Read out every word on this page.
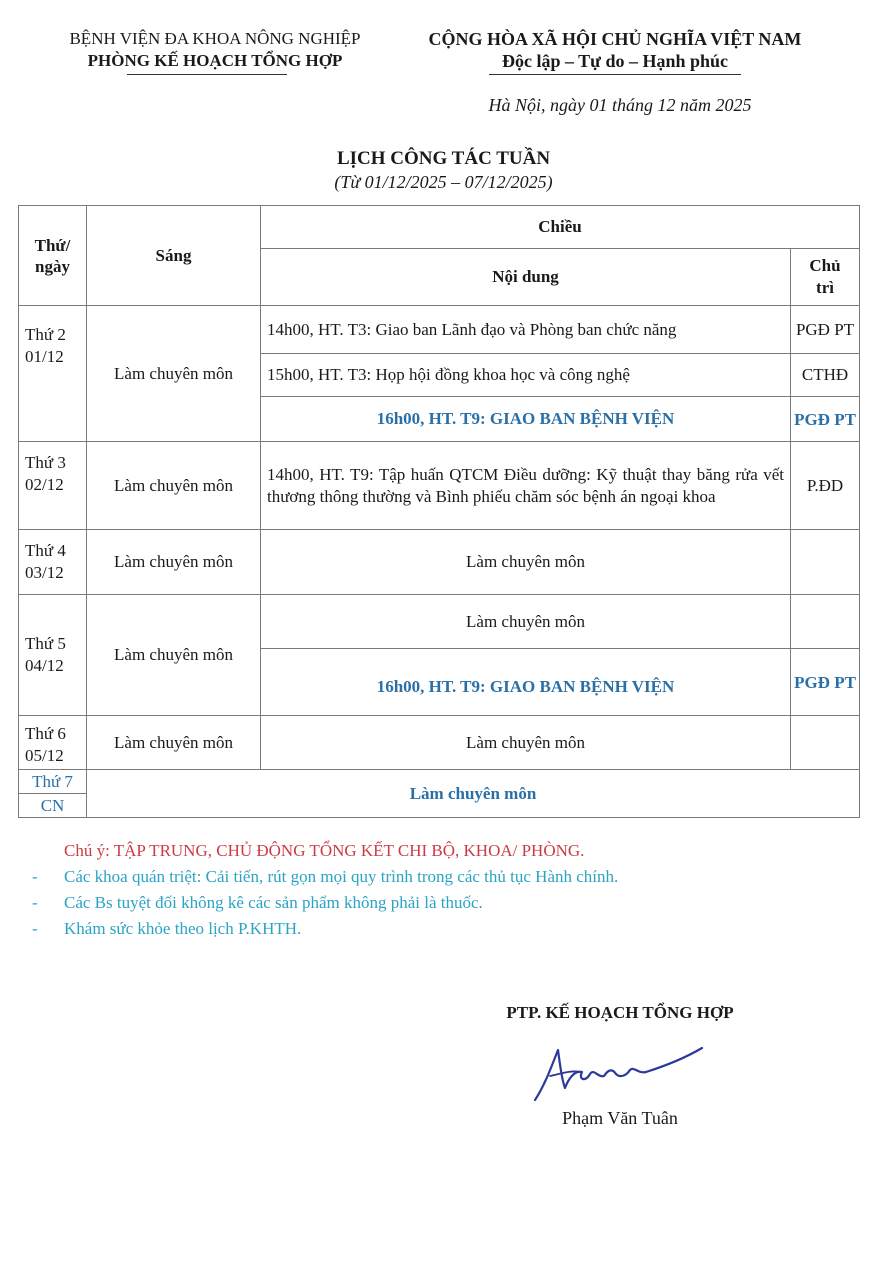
BỆNH VIỆN ĐA KHOA NÔNG NGHIỆP
PHÒNG KẾ HOẠCH TỔNG HỢP
CỘNG HÒA XÃ HỘI CHỦ NGHĨA VIỆT NAM
Độc lập – Tự do – Hạnh phúc
Hà Nội, ngày 01 tháng 12 năm 2025
LỊCH CÔNG TÁC TUẦN
(Từ 01/12/2025 – 07/12/2025)
Thứ/ ngày	Sáng	Chiều	
		Nội dung	Chủ trì

Thứ 2
01/12	Làm chuyên môn	14h00, HT. T3: Giao ban Lãnh đạo và Phòng ban chức năng	PGĐ PT
		15h00, HT. T3: Họp hội đồng khoa học và công nghệ	CTHĐ
		16h00, HT. T9: GIAO BAN BỆNH VIỆN	PGĐ PT

Thứ 3
02/12	Làm chuyên môn	14h00, HT. T9: Tập huấn QTCM Điều dưỡng: Kỹ thuật thay băng rửa vết thương thông thường và Bình phiếu chăm sóc bệnh án ngoại khoa	P.ĐD

Thứ 4
03/12	Làm chuyên môn	Làm chuyên môn	

Thứ 5
04/12	Làm chuyên môn	Làm chuyên môn	
		16h00, HT. T9: GIAO BAN BỆNH VIỆN	PGĐ PT

Thứ 6
05/12	Làm chuyên môn	Làm chuyên môn	
Thứ 7	Làm chuyên môn		
CN			
Chú ý: TẬP TRUNG, CHỦ ĐỘNG TỔNG KẾT CHI BỘ, KHOA/ PHÒNG.
-	Các khoa quán triệt: Cải tiến, rút gọn mọi quy trình trong các thủ tục Hành chính.
-	Các Bs tuyệt đối không kê các sản phẩm không phải là thuốc.
-	Khám sức khỏe theo lịch P.KHTH.
PTP. KẾ HOẠCH TỔNG HỢP
Phạm Văn Tuân
